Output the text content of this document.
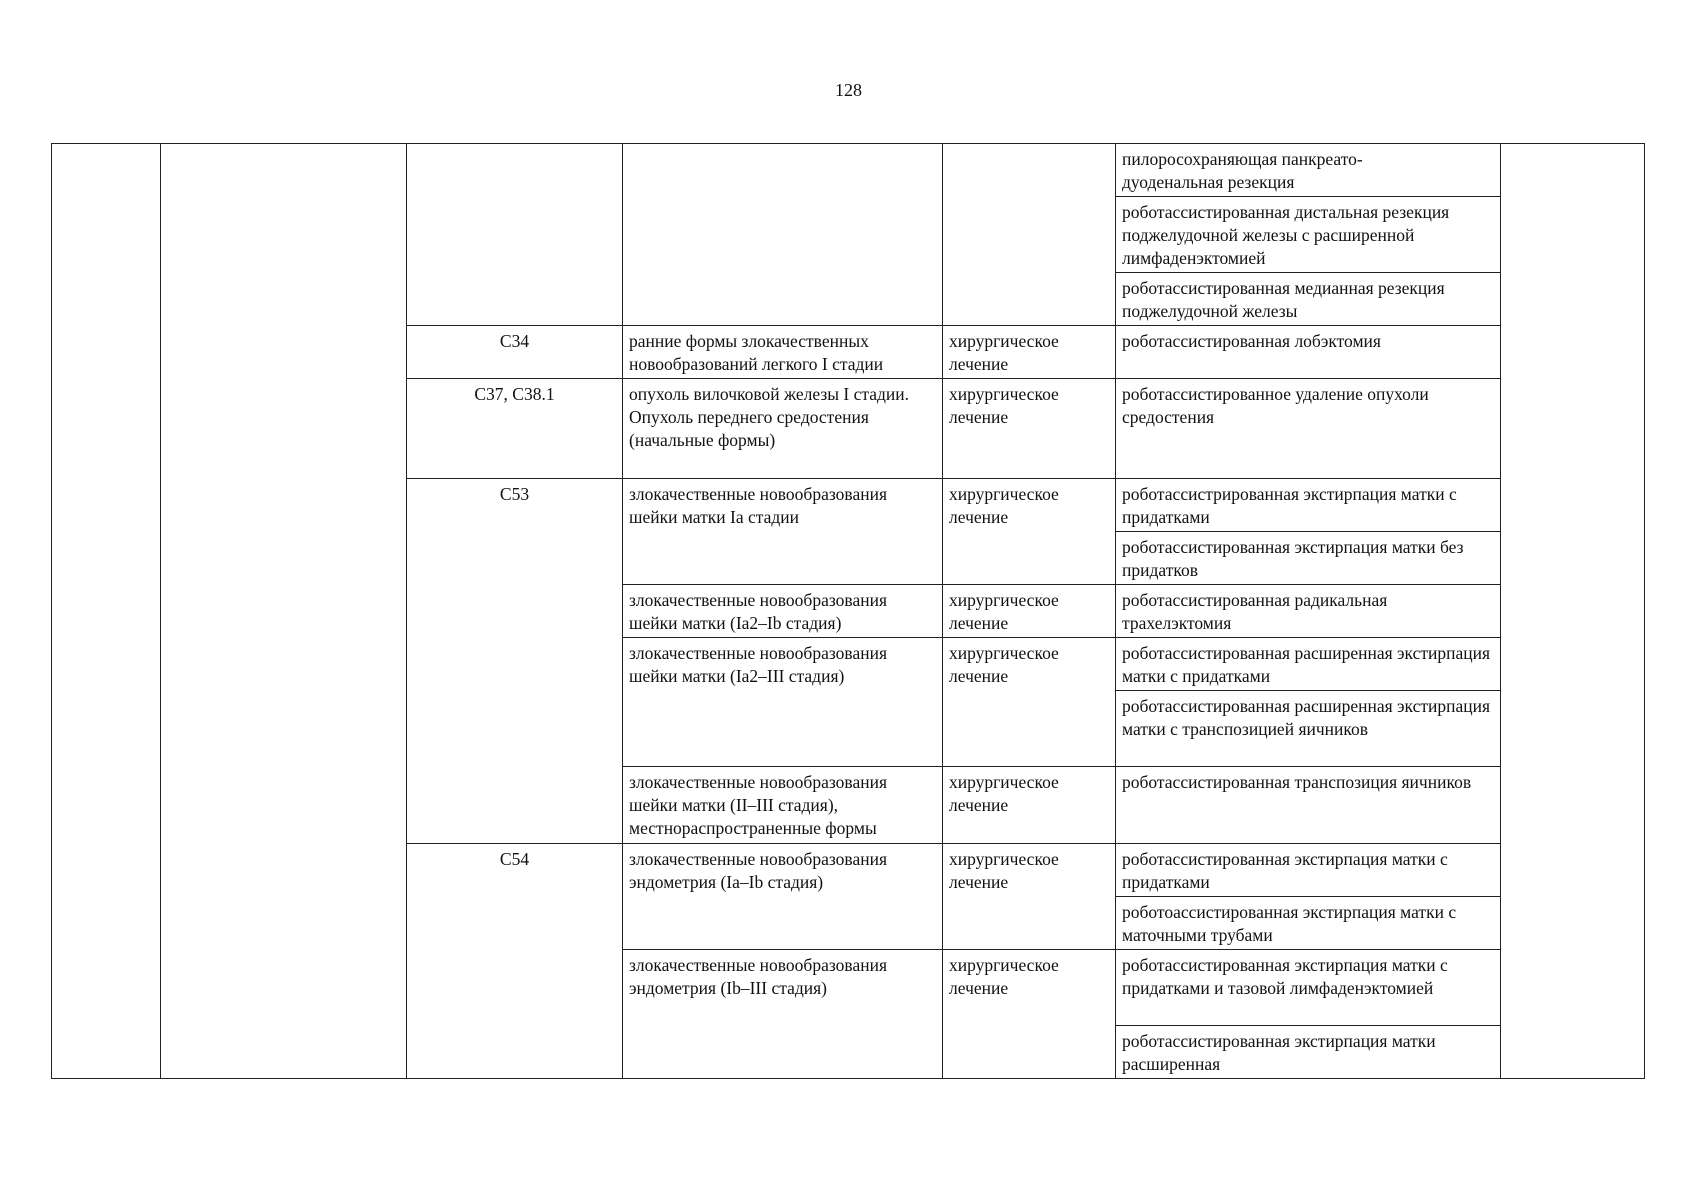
128
					пилоросохраняющая панкреато-
дуоденальная резекция	
					роботассистированная дистальная резекция поджелудочной железы с расширенной лимфаденэктомией	
					роботассистированная медианная резекция поджелудочной железы	
		C34	ранние формы злокачественных новообразований легкого I стадии	хирургическое лечение	роботассистированная лобэктомия	
		C37, C38.1	опухоль вилочковой железы I стадии.
Опухоль переднего средостения (начальные формы)	хирургическое лечение	роботассистированное удаление опухоли средостения	
		C53	злокачественные новообразования шейки матки Ia стадии	хирургическое лечение	роботассистрированная экстирпация матки с придатками	
					роботассистированная экстирпация матки без придатков	
			злокачественные новообразования шейки матки (Ia2–Ib стадия)	хирургическое лечение	роботассистированная радикальная трахелэктомия	
			злокачественные новообразования шейки матки (Ia2–III стадия)	хирургическое лечение	роботассистированная расширенная экстирпация матки с придатками	
					роботассистированная расширенная экстирпация матки с транспозицией яичников	
			злокачественные новообразования шейки матки (II–III стадия), местнораспространенные формы	хирургическое лечение	роботассистированная транспозиция яичников	
		C54	злокачественные новообразования эндометрия (Ia–Ib стадия)	хирургическое лечение	роботассистированная экстирпация матки с придатками	
					роботоассистированная экстирпация матки с маточными трубами	
			злокачественные новообразования эндометрия (Ib–III стадия)	хирургическое лечение	роботассистированная экстирпация матки с придатками и тазовой лимфаденэктомией	
					роботассистированная экстирпация матки расширенная	
